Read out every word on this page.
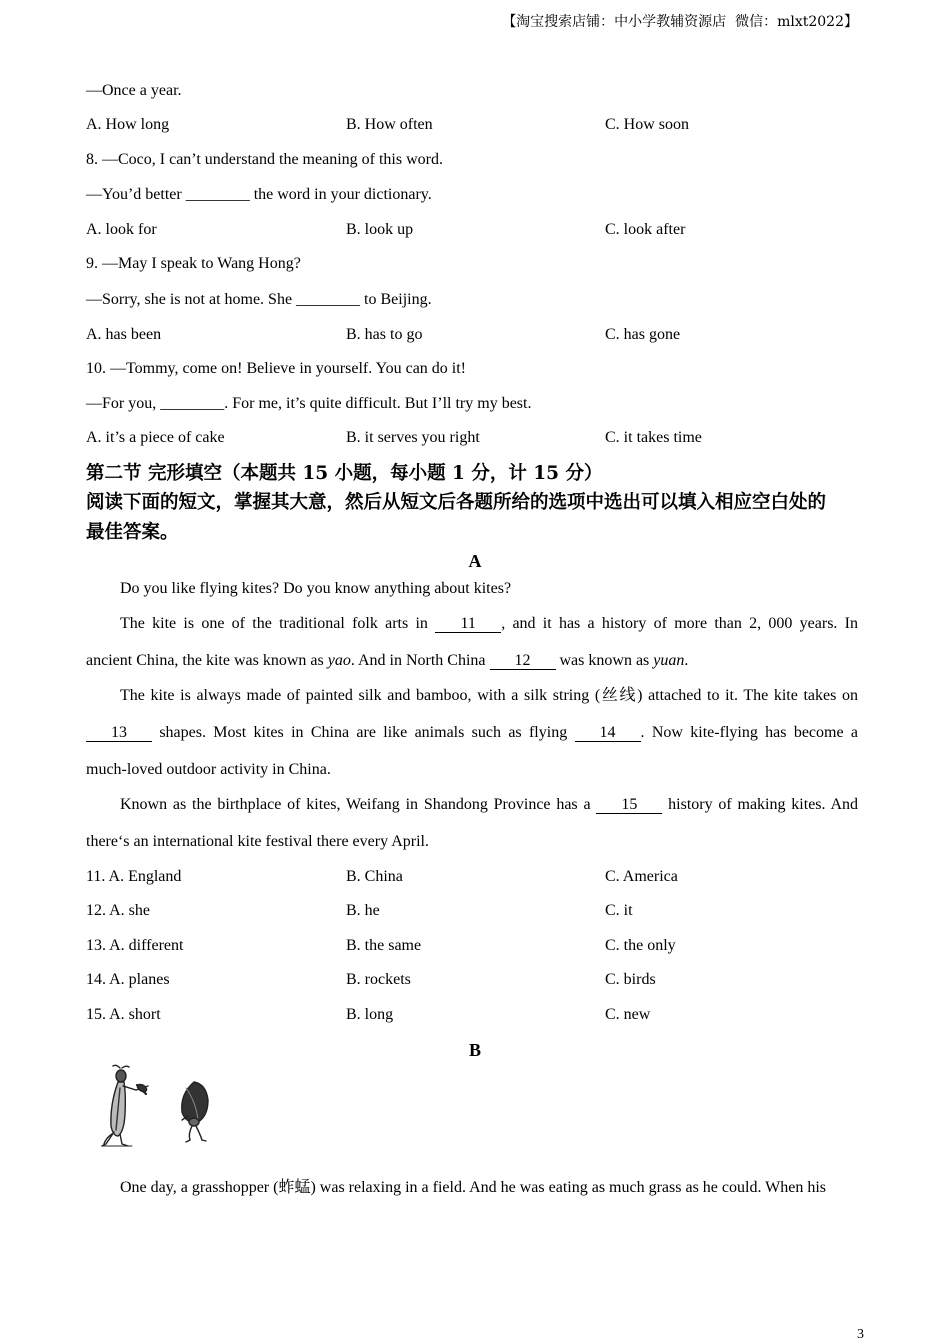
【淘宝搜索店铺：中小学教辅资源店  微信：mlxt2022】
—Once a year.
A. How long	B. How often	C. How soon
8. —Coco, I can’t understand the meaning of this word.
—You’d better ________ the word in your dictionary.
A. look for	B. look up	C. look after
9. —May I speak to Wang Hong?
—Sorry, she is not at home. She ________ to Beijing.
A. has been	B. has to go	C. has gone
10. —Tommy, come on! Believe in yourself. You can do it!
—For you, ________. For me, it’s quite difficult. But I’ll try my best.
A. it’s a piece of cake	B. it serves you right	C. it takes time
第二节 完形填空（本题共 15 小题，每小题 1 分，计 15 分）
阅读下面的短文，掌握其大意，然后从短文后各题所给的选项中选出可以填入相应空白处的
最佳答案。
A
Do you like flying kites? Do you know anything about kites?
The kite is one of the traditional folk arts in 11 , and it has a history of more than 2, 000 years. In
ancient China, the kite was known as yao. And in North China 12 was known as yuan.
The kite is always made of painted silk and bamboo, with a silk string (丝线) attached to it. The kite takes on
13 shapes. Most kites in China are like animals such as flying 14 . Now kite-flying has become a
much-loved outdoor activity in China.
Known as the birthplace of kites, Weifang in Shandong Province has a 15 history of making kites. And
there‘s an international kite festival there every April.
11. A. England	B. China	C. America
12. A. she	B. he	C. it
13. A. different	B. the same	C. the only
14. A. planes	B. rockets	C. birds
15. A. short	B. long	C. new
B
One day, a grasshopper (蚱蜢) was relaxing in a field. And he was eating as much grass as he could. When his
3
